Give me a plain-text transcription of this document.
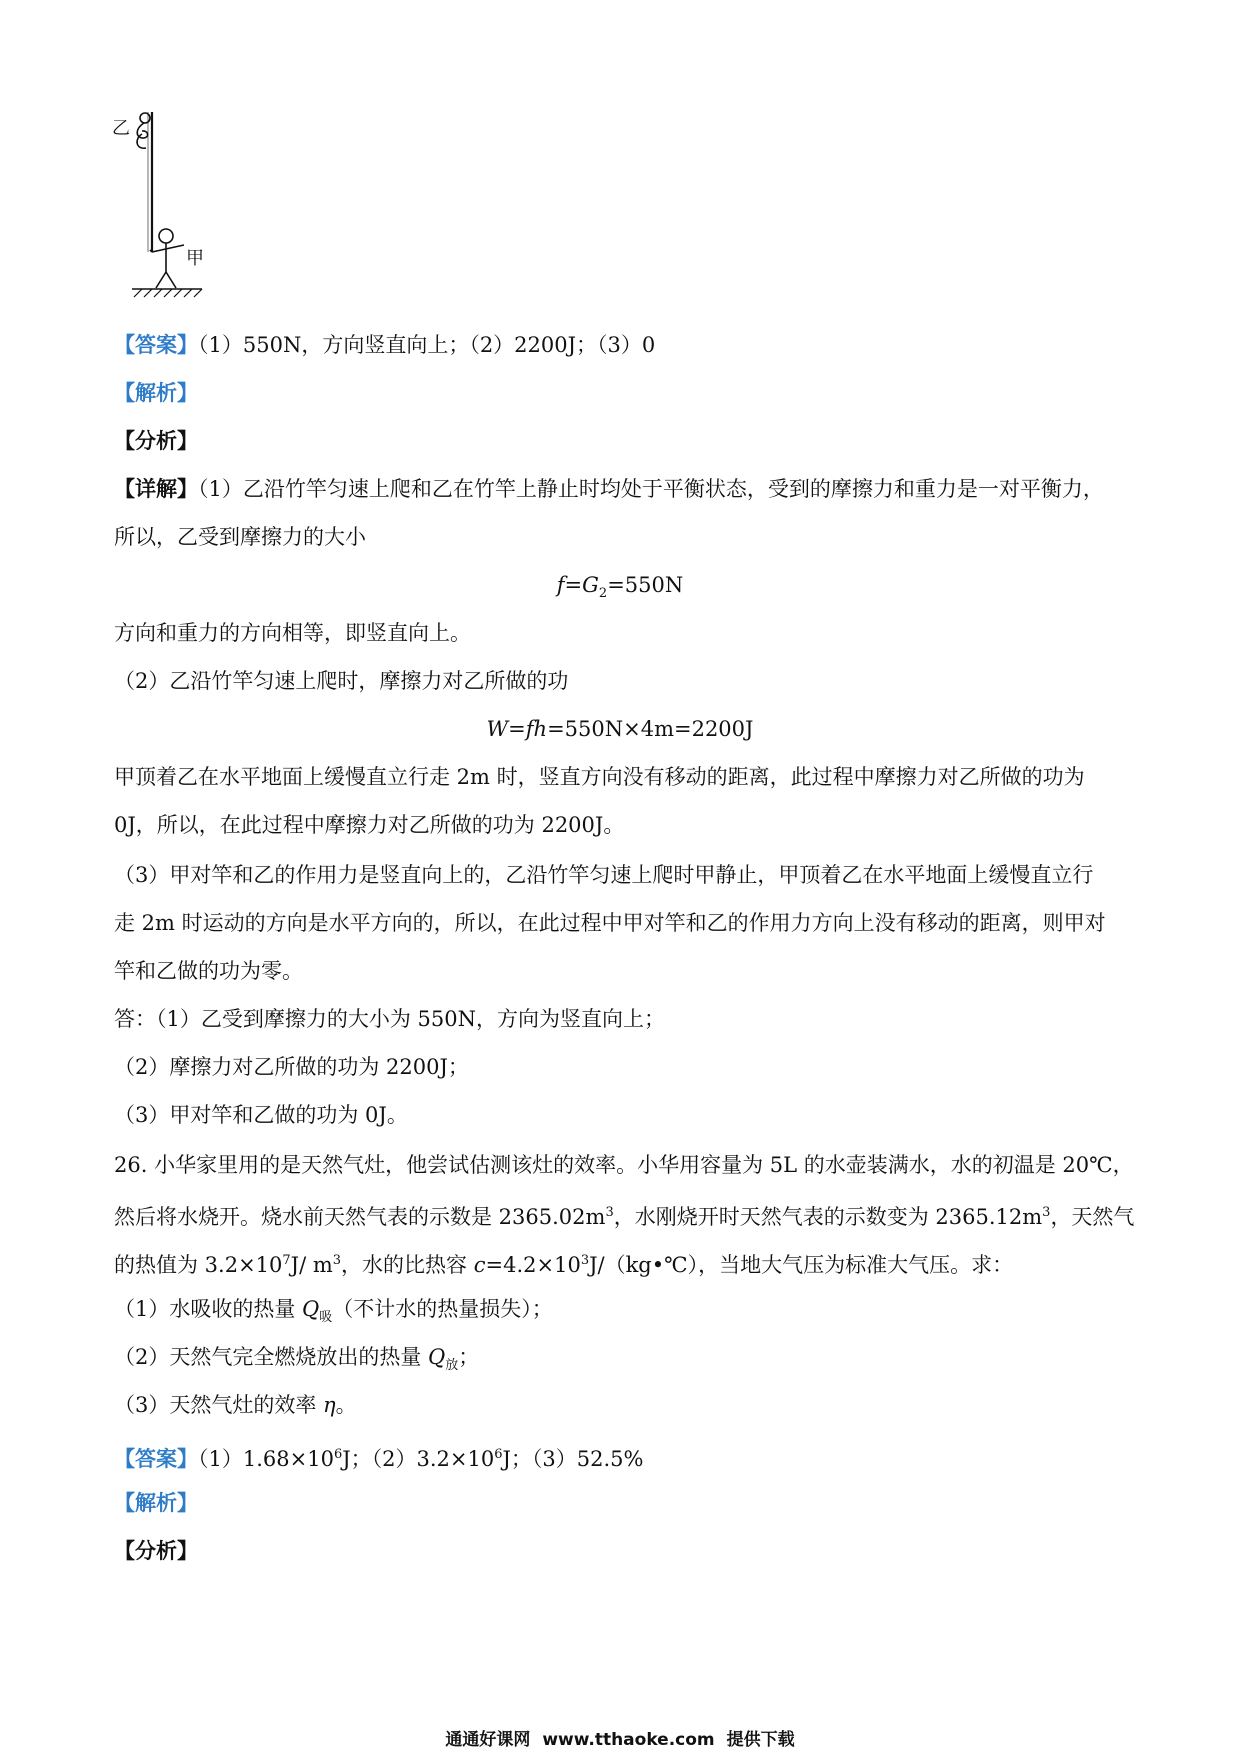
乙
甲
【答案】（1）550N，方向竖直向上；（2）2200J；（3）0
【解析】
【分析】
【详解】（1）乙沿竹竿匀速上爬和乙在竹竿上静止时均处于平衡状态，受到的摩擦力和重力是一对平衡力，
所以，乙受到摩擦力的大小
$f=G_2=550N$
方向和重力的方向相等，即竖直向上。
（2）乙沿竹竿匀速上爬时，摩擦力对乙所做的功
W=fh=550N×4m=2200J
甲顶着乙在水平地面上缓慢直立行走 2m 时，竖直方向没有移动的距离，此过程中摩擦力对乙所做的功为
0J，所以，在此过程中摩擦力对乙所做的功为 2200J。
（3）甲对竿和乙的作用力是竖直向上的，乙沿竹竿匀速上爬时甲静止，甲顶着乙在水平地面上缓慢直立行
走 2m 时运动的方向是水平方向的，所以，在此过程中甲对竿和乙的作用力方向上没有移动的距离，则甲对
竿和乙做的功为零。
答：（1）乙受到摩擦力的大小为 550N，方向为竖直向上；
（2）摩擦力对乙所做的功为 2200J；
（3）甲对竿和乙做的功为 0J。
26. 小华家里用的是天然气灶，他尝试估测该灶的效率。小华用容量为 5L 的水壶装满水，水的初温是 20℃，
然后将水烧开。烧水前天然气表的示数是 $2365.02m^3$，水刚烧开时天然气表的示数变为 $2365.12m^3$，天然气
的热值为 $3.2\times 10^7J/$ $m^3$，水的比热容 $c=4.2\times 10^3J/(kg•℃)$，当地大气压为标准大气压。求：
（1）水吸收的热量 $Q_吸$（不计水的热量损失）；
（2）天然气完全燃烧放出的热量 $Q_放$；
（3）天然气灶的效率 η。
【答案】$(1)1.68\times 10^6J$；$(2)3.2\times 10^6J$；（3）52.5%
【解析】
【分析】
通通好课网 www.tthaoke.com 提供下载
